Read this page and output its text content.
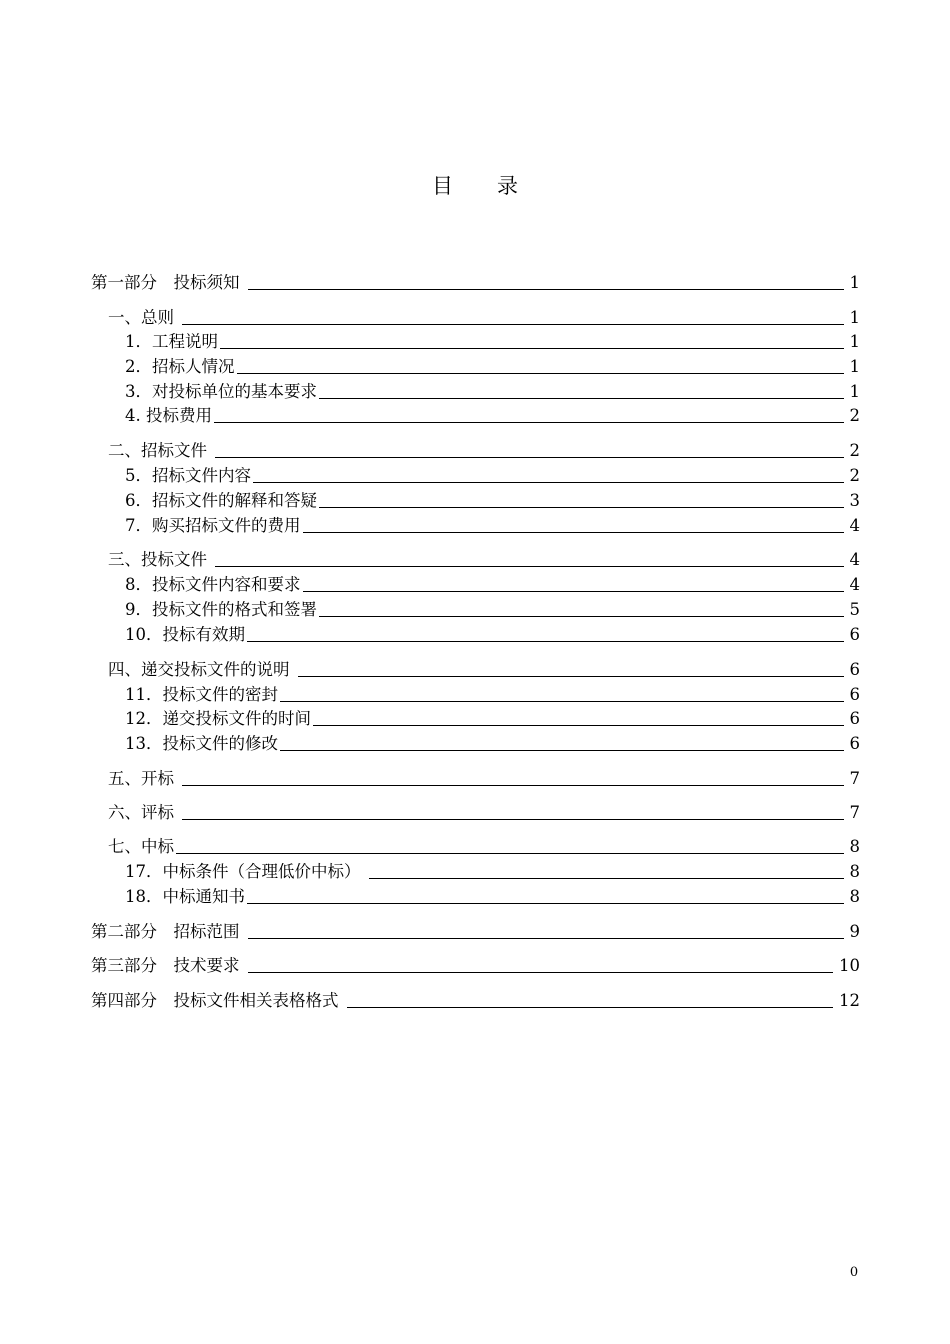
目 录
第一部分　投标须知	1
一、总则	1
1．工程说明	1
2．招标人情况	1
3．对投标单位的基本要求	1
4. 投标费用	2
二、招标文件	2
5．招标文件内容	2
6．招标文件的解释和答疑	3
7．购买招标文件的费用	4
三、投标文件	4
8．投标文件内容和要求	4
9．投标文件的格式和签署	5
10．投标有效期	6
四、递交投标文件的说明	6
11．投标文件的密封	6
12．递交投标文件的时间	6
13．投标文件的修改	6
五、开标	7
六、评标	7
七、中标	8
17．中标条件（合理低价中标）	8
18．中标通知书	8
第二部分　招标范围	9
第三部分　技术要求	10
第四部分　投标文件相关表格格式	12
0
